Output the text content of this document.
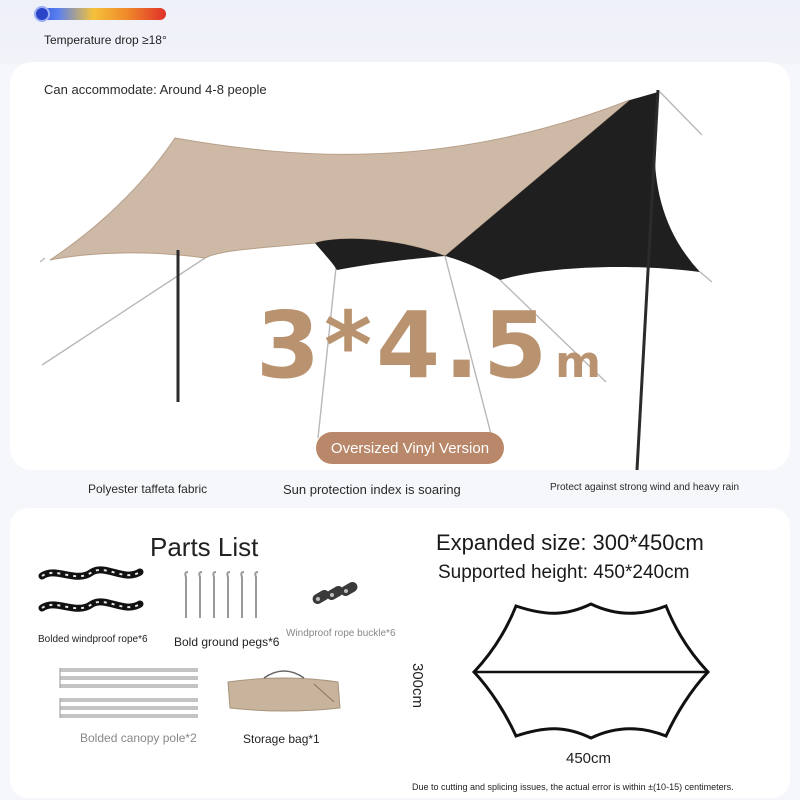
Temperature drop ≥18°
Can accommodate: Around 4-8 people
3*4.5 m
Oversized Vinyl Version
Polyester taffeta fabric	Sun protection index is soaring	Protect against strong wind and heavy rain
Parts List
Bolded windproof rope*6 Bold ground pegs*6
Windproof rope buckle*6
Bolded canopy pole*2	Storage bag*1
Expanded size: 300*450cm
Supported height: 450*240cm
300cm
450cm
Due to cutting and splicing issues, the actual error is within ±(10-15) centimeters.
